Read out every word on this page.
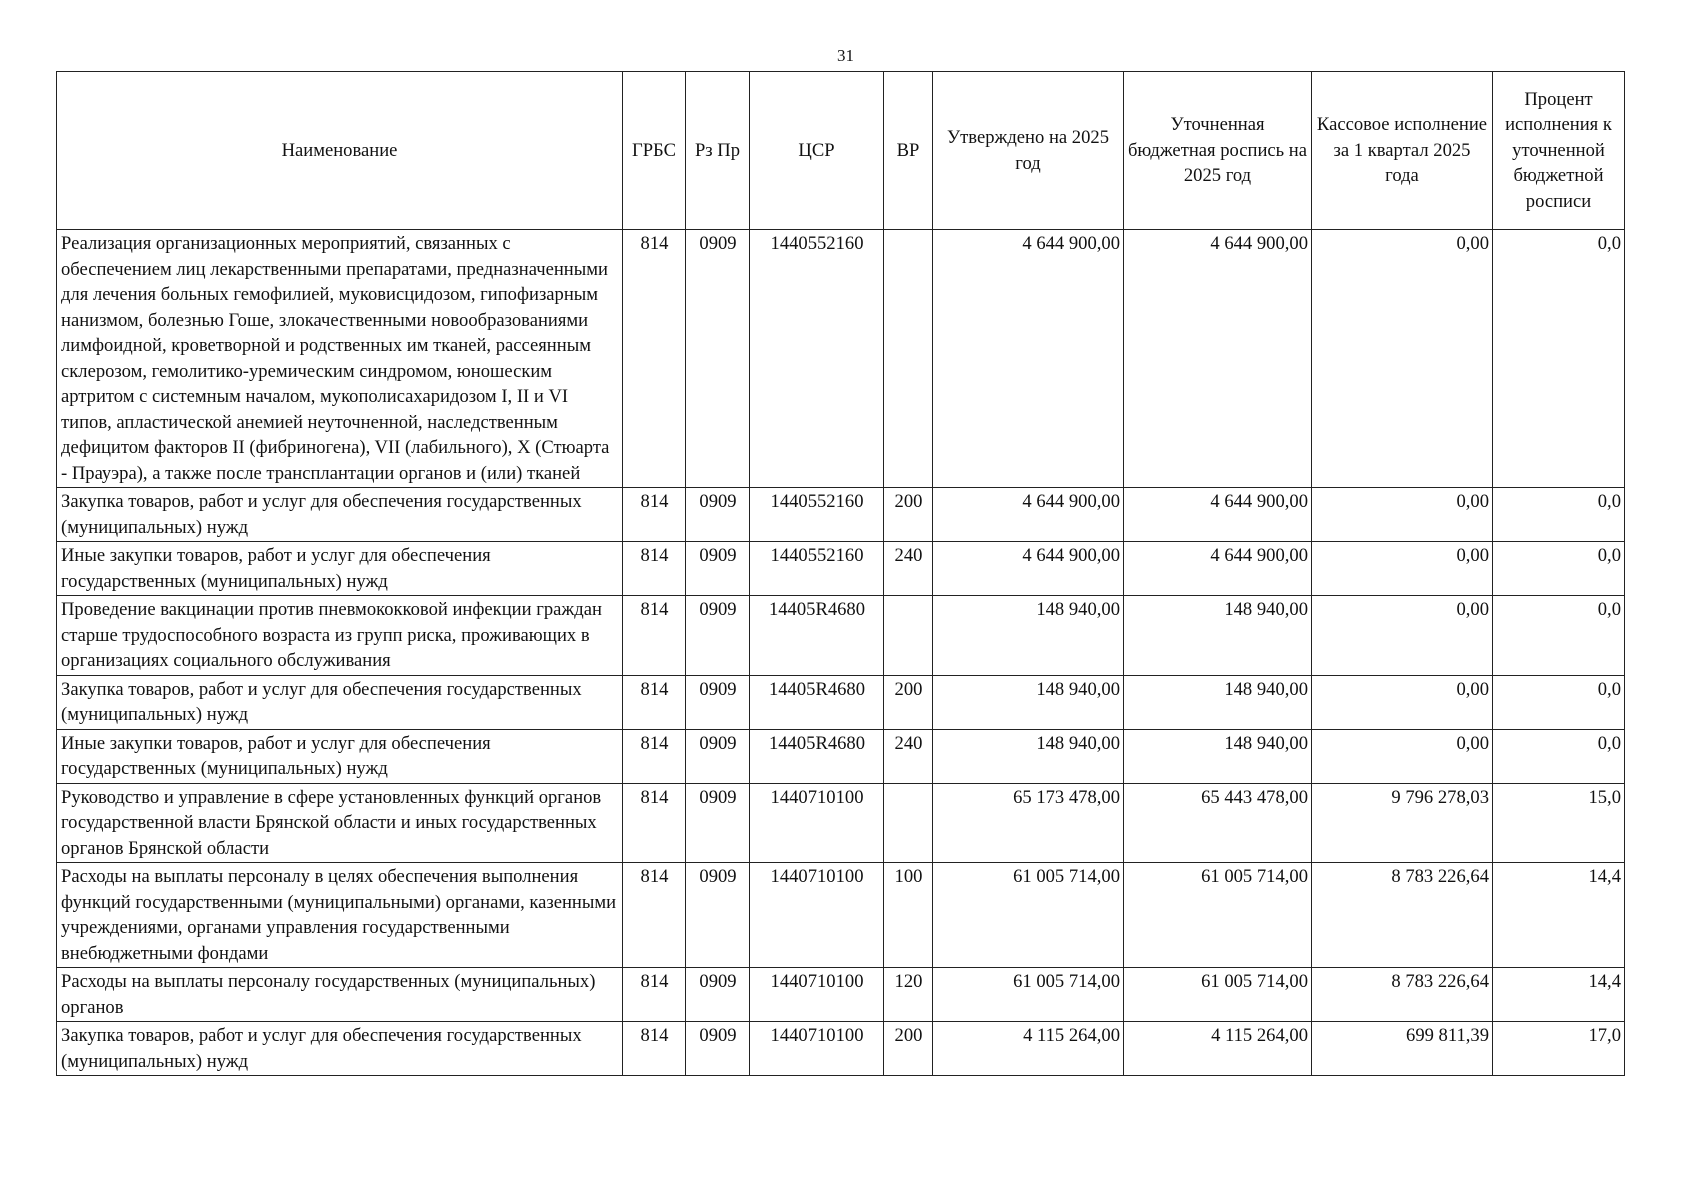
31
Наименование	ГРБС	Рз Пр	ЦСР	ВР	Утверждено на 2025 год	Уточненная бюджетная роспись на 2025 год	Кассовое исполнение за 1 квартал 2025 года	Процент исполнения к уточненной бюджетной росписи
Реализация организационных мероприятий, связанных с обеспечением лиц лекарственными препаратами, предназначенными для лечения больных гемофилией, муковисцидозом, гипофизарным нанизмом, болезнью Гоше, злокачественными новообразованиями лимфоидной, кроветворной и родственных им тканей, рассеянным склерозом, гемолитико-уремическим синдромом, юношеским артритом с системным началом, мукополисахаридозом I, II и VI типов, апластической анемией неуточненной, наследственным дефицитом факторов II (фибриногена), VII (лабильного), X (Стюарта - Прауэра), а также после трансплантации органов и (или) тканей	814	0909	1440552160		4 644 900,00	4 644 900,00	0,00	0,0
Закупка товаров, работ и услуг для обеспечения государственных (муниципальных) нужд	814	0909	1440552160	200	4 644 900,00	4 644 900,00	0,00	0,0
Иные закупки товаров, работ и услуг для обеспечения государственных (муниципальных) нужд	814	0909	1440552160	240	4 644 900,00	4 644 900,00	0,00	0,0
Проведение вакцинации против пневмококковой инфекции граждан старше трудоспособного возраста из групп риска, проживающих в организациях социального обслуживания	814	0909	14405R4680		148 940,00	148 940,00	0,00	0,0
Закупка товаров, работ и услуг для обеспечения государственных (муниципальных) нужд	814	0909	14405R4680	200	148 940,00	148 940,00	0,00	0,0
Иные закупки товаров, работ и услуг для обеспечения государственных (муниципальных) нужд	814	0909	14405R4680	240	148 940,00	148 940,00	0,00	0,0
Руководство и управление в сфере установленных функций органов государственной власти Брянской области и иных государственных органов Брянской области	814	0909	1440710100		65 173 478,00	65 443 478,00	9 796 278,03	15,0
Расходы на выплаты персоналу в целях обеспечения выполнения функций государственными (муниципальными) органами, казенными учреждениями, органами управления государственными внебюджетными фондами	814	0909	1440710100	100	61 005 714,00	61 005 714,00	8 783 226,64	14,4
Расходы на выплаты персоналу государственных (муниципальных) органов	814	0909	1440710100	120	61 005 714,00	61 005 714,00	8 783 226,64	14,4
Закупка товаров, работ и услуг для обеспечения государственных (муниципальных) нужд	814	0909	1440710100	200	4 115 264,00	4 115 264,00	699 811,39	17,0
